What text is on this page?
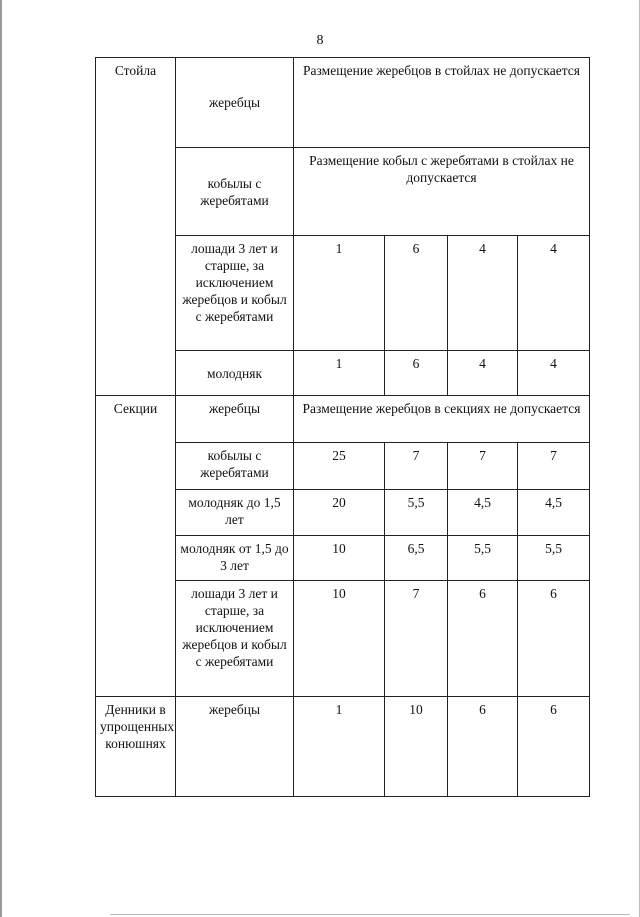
8
Стойла	жеребцы	Размещение жеребцов в стойлах не допускается			
	кобылы с жеребятами	Размещение кобыл с жеребятами в стойлах не допускается			
	лошади 3 лет и старше, за исключением жеребцов и кобыл с жеребятами	1	6	4	4
	молодняк	1	6	4	4
Секции	жеребцы	Размещение жеребцов в секциях не допускается			
	кобылы с жеребятами	25	7	7	7
	молодняк до 1,5 лет	20	5,5	4,5	4,5
	молодняк от 1,5 до 3 лет	10	6,5	5,5	5,5
	лошади 3 лет и старше, за исключением жеребцов и кобыл с жеребятами	10	7	6	6
Денники в упрощенных конюшнях	жеребцы	1	10	6	6
